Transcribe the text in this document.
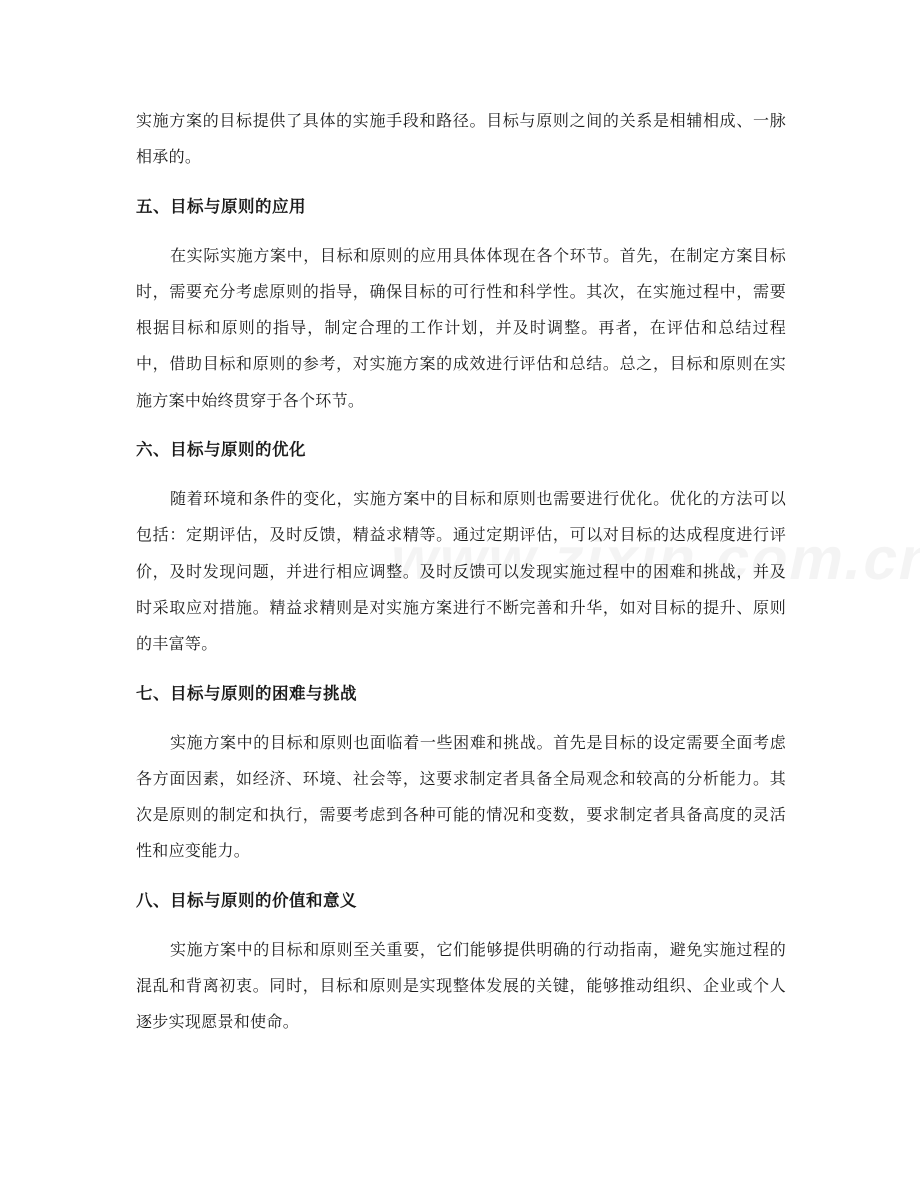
实施方案的目标提供了具体的实施手段和路径。目标与原则之间的关系是相辅相成、一脉相承的。

五、目标与原则的应用

在实际实施方案中，目标和原则的应用具体体现在各个环节。首先，在制定方案目标时，需要充分考虑原则的指导，确保目标的可行性和科学性。其次，在实施过程中，需要根据目标和原则的指导，制定合理的工作计划，并及时调整。再者，在评估和总结过程中，借助目标和原则的参考，对实施方案的成效进行评估和总结。总之，目标和原则在实施方案中始终贯穿于各个环节。

六、目标与原则的优化

随着环境和条件的变化，实施方案中的目标和原则也需要进行优化。优化的方法可以包括：定期评估，及时反馈，精益求精等。通过定期评估，可以对目标的达成程度进行评价，及时发现问题，并进行相应调整。及时反馈可以发现实施过程中的困难和挑战，并及时采取应对措施。精益求精则是对实施方案进行不断完善和升华，如对目标的提升、原则的丰富等。

七、目标与原则的困难与挑战

实施方案中的目标和原则也面临着一些困难和挑战。首先是目标的设定需要全面考虑各方面因素，如经济、环境、社会等，这要求制定者具备全局观念和较高的分析能力。其次是原则的制定和执行，需要考虑到各种可能的情况和变数，要求制定者具备高度的灵活性和应变能力。

八、目标与原则的价值和意义

实施方案中的目标和原则至关重要，它们能够提供明确的行动指南，避免实施过程的混乱和背离初衷。同时，目标和原则是实现整体发展的关键，能够推动组织、企业或个人逐步实现愿景和使命。
